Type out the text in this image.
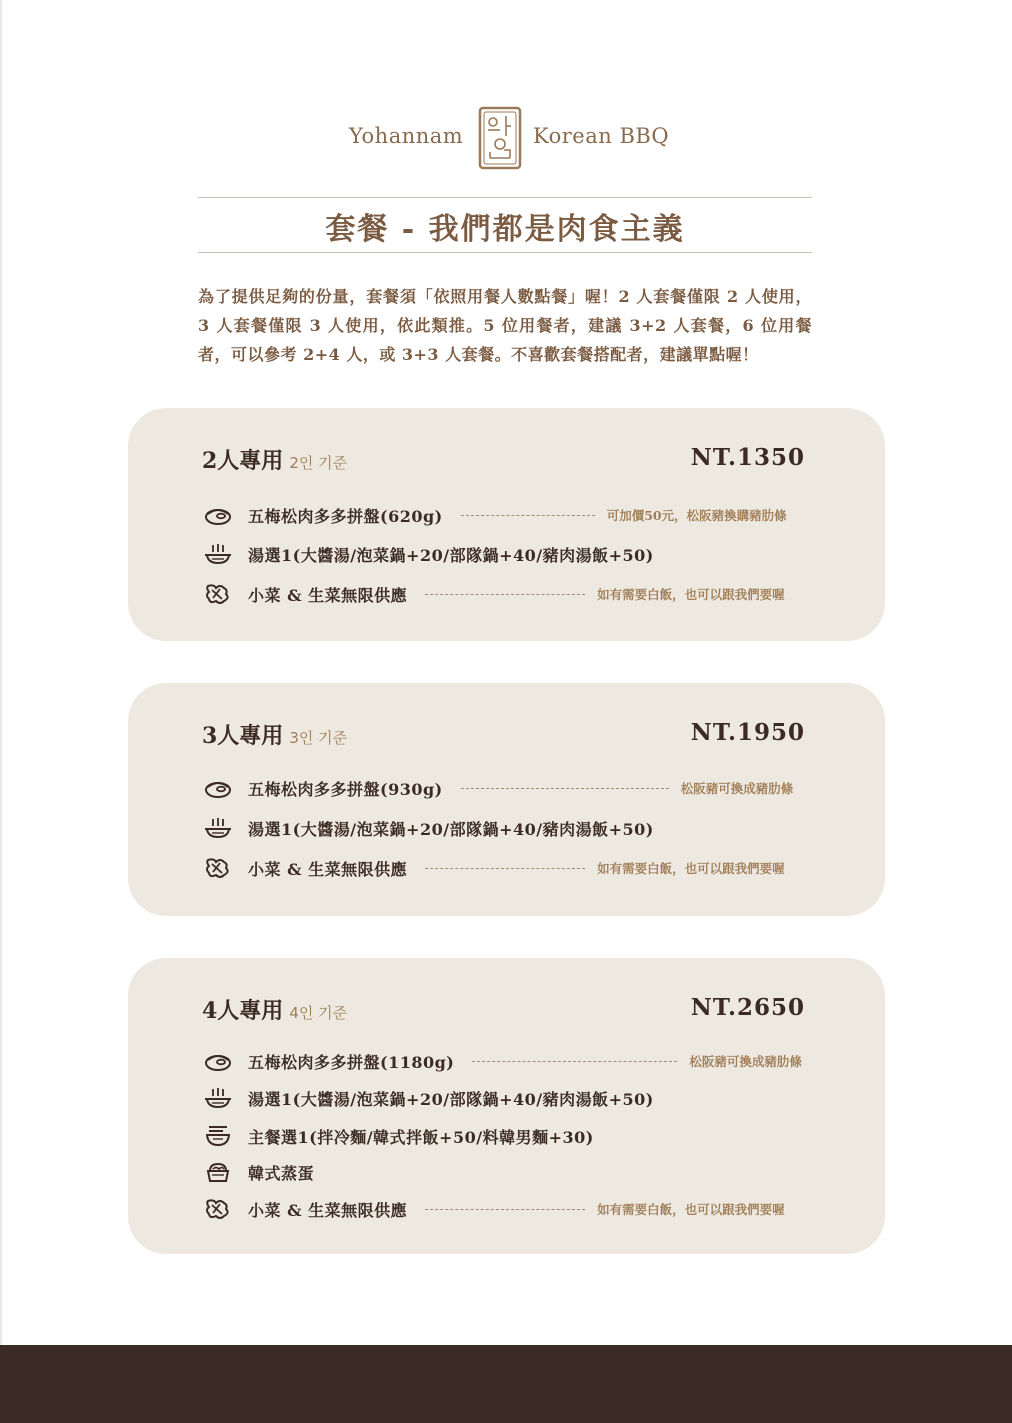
Yohannam	Korean BBQ
套餐 - 我們都是肉食主義

為了提供足夠的份量，套餐須「依照用餐人數點餐」喔！2 人套餐僅限 2 人使用，3 人套餐僅限 3 人使用，依此類推。5 位用餐者，建議 3+2 人套餐，6 位用餐者，可以參考 2+4 人，或 3+3 人套餐。不喜歡套餐搭配者，建議單點喔！

2人專用 2인 기준	NT.1350
五梅松肉多多拼盤(620g)	可加價50元，松阪豬換購豬肋條
湯選1(大醬湯/泡菜鍋+20/部隊鍋+40/豬肉湯飯+50)
小菜 & 生菜無限供應	如有需要白飯，也可以跟我們要喔
3人專用 3인 기준	NT.1950
五梅松肉多多拼盤(930g)	松阪豬可換成豬肋條
湯選1(大醬湯/泡菜鍋+20/部隊鍋+40/豬肉湯飯+50)
小菜 & 生菜無限供應	如有需要白飯，也可以跟我們要喔
4人專用 4인 기준	NT.2650
五梅松肉多多拼盤(1180g)	松阪豬可換成豬肋條
湯選1(大醬湯/泡菜鍋+20/部隊鍋+40/豬肉湯飯+50)
主餐選1(拌冷麵/韓式拌飯+50/料韓男麵+30)
韓式蒸蛋
小菜 & 生菜無限供應	如有需要白飯，也可以跟我們要喔
